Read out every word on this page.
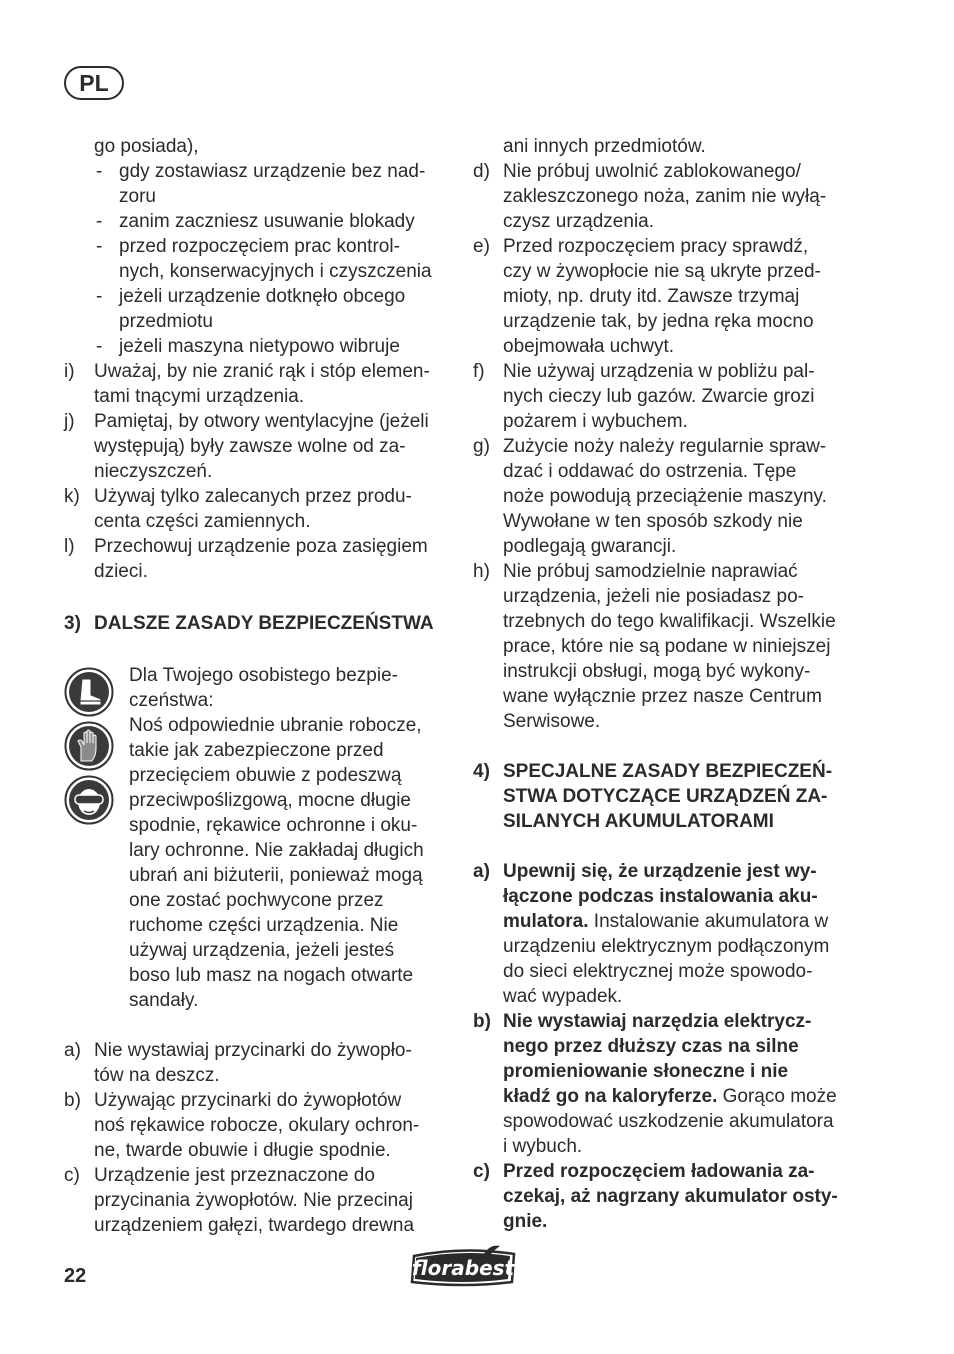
PL
go posiada),
- gdy zostawiasz urządzenie bez nad-
zoru
- zanim zaczniesz usuwanie blokady
- przed rozpoczęciem prac kontrol-
nych, konserwacyjnych i czyszczenia
- jeżeli urządzenie dotknęło obcego
przedmiotu
- jeżeli maszyna nietypowo wibruje
i) Uważaj, by nie zranić rąk i stóp elemen-
tami tnącymi urządzenia.
j) Pamiętaj, by otwory wentylacyjne (jeżeli
występują) były zawsze wolne od za-
nieczyszczeń.
k) Używaj tylko zalecanych przez produ-
centa części zamiennych.
l) Przechowuj urządzenie poza zasięgiem
dzieci.
3) DALSZE ZASADY BEZPIECZEŃSTWA
Dla Twojego osobistego bezpie-
czeństwa:
Noś odpowiednie ubranie robocze,
takie jak zabezpieczone przed
przecięciem obuwie z podeszwą
przeciwpoślizgową, mocne długie
spodnie, rękawice ochronne i oku-
lary ochronne. Nie zakładaj długich
ubrań ani biżuterii, ponieważ mogą
one zostać pochwycone przez
ruchome części urządzenia. Nie
używaj urządzenia, jeżeli jesteś
boso lub masz na nogach otwarte
sandały.
a) Nie wystawiaj przycinarki do żywopło-
tów na deszcz.
b) Używając przycinarki do żywopłotów
noś rękawice robocze, okulary ochron-
ne, twarde obuwie i długie spodnie.
c) Urządzenie jest przeznaczone do
przycinania żywopłotów. Nie przecinaj
urządzeniem gałęzi, twardego drewna
ani innych przedmiotów.
d) Nie próbuj uwolnić zablokowanego/
zakleszczonego noża, zanim nie wyłą-
czysz urządzenia.
e) Przed rozpoczęciem pracy sprawdź,
czy w żywopłocie nie są ukryte przed-
mioty, np. druty itd. Zawsze trzymaj
urządzenie tak, by jedna ręka mocno
obejmowała uchwyt.
f) Nie używaj urządzenia w pobliżu pal-
nych cieczy lub gazów. Zwarcie grozi
pożarem i wybuchem.
g) Zużycie noży należy regularnie spraw-
dzać i oddawać do ostrzenia. Tępe
noże powodują przeciążenie maszyny.
Wywołane w ten sposób szkody nie
podlegają gwarancji.
h) Nie próbuj samodzielnie naprawiać
urządzenia, jeżeli nie posiadasz po-
trzebnych do tego kwalifikacji. Wszelkie
prace, które nie są podane w niniejszej
instrukcji obsługi, mogą być wykony-
wane wyłącznie przez nasze Centrum
Serwisowe.
4) SPECJALNE ZASADY BEZPIECZEŃ-
STWA DOTYCZĄCE URZĄDZEŃ ZA-
SILANYCH AKUMULATORAMI
a) Upewnij się, że urządzenie jest wy-
łączone podczas instalowania aku-
mulatora. Instalowanie akumulatora w
urządzeniu elektrycznym podłączonym
do sieci elektrycznej może spowodo-
wać wypadek.
b) Nie wystawiaj narzędzia elektrycz-
nego przez dłuższy czas na silne
promieniowanie słoneczne i nie
kładź go na kaloryferze. Gorąco może
spowodować uszkodzenie akumulatora
i wybuch.
c) Przed rozpoczęciem ładowania za-
czekaj, aż nagrzany akumulator osty-
gnie.
22	florabest
